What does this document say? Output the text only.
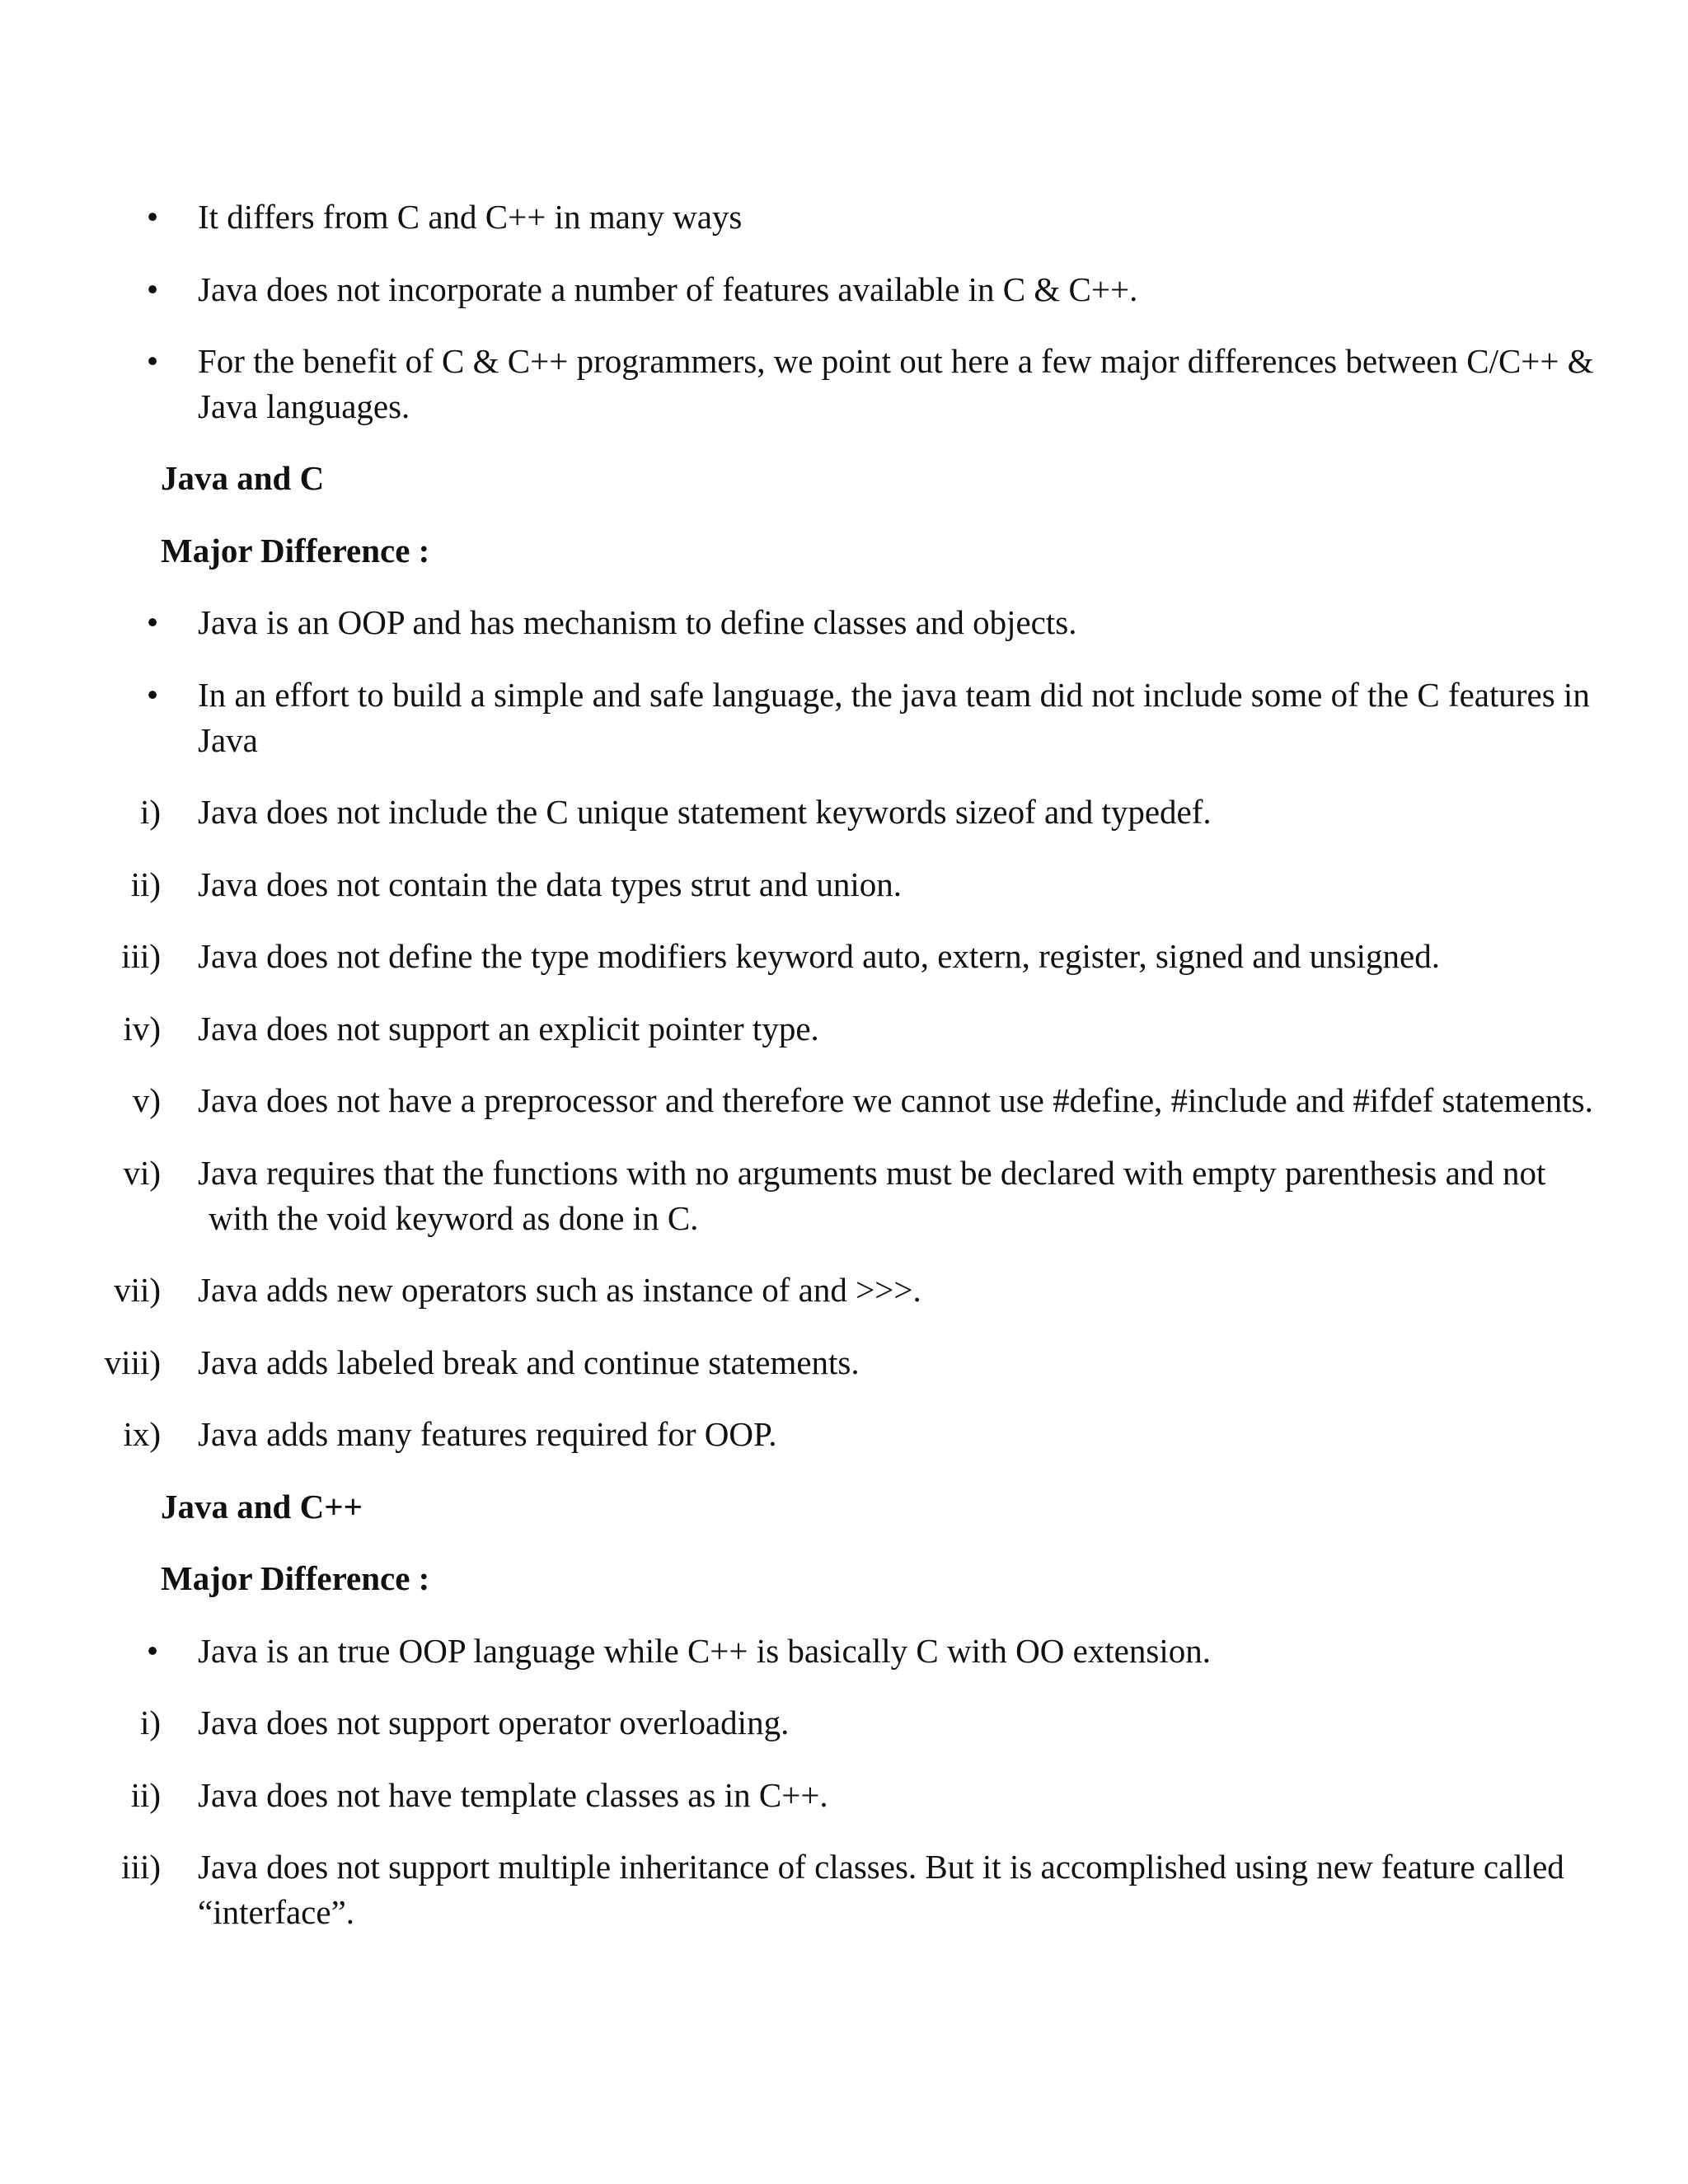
• It differs from C and C++ in many ways
• Java does not incorporate a number of features available in C & C++.
• For the benefit of C & C++ programmers, we point out here a few major differences between C/C++ &
Java languages.
Java and C
Major Difference :
• Java is an OOP and has mechanism to define classes and objects.
• In an effort to build a simple and safe language, the java team did not include some of the C features in
Java
i) Java does not include the C unique statement keywords sizeof and typedef.
ii) Java does not contain the data types strut and union.
iii) Java does not define the type modifiers keyword auto, extern, register, signed and unsigned.
iv) Java does not support an explicit pointer type.
v) Java does not have a preprocessor and therefore we cannot use #define, #include and #ifdef statements.
vi) Java requires that the functions with no arguments must be declared with empty parenthesis and not
with the void keyword as done in C.
vii) Java adds new operators such as instance of and >>>.
viii) Java adds labeled break and continue statements.
ix) Java adds many features required for OOP.
Java and C++
Major Difference :
• Java is an true OOP language while C++ is basically C with OO extension.
i) Java does not support operator overloading.
ii) Java does not have template classes as in C++.
iii) Java does not support multiple inheritance of classes. But it is accomplished using new feature called
“interface”.
